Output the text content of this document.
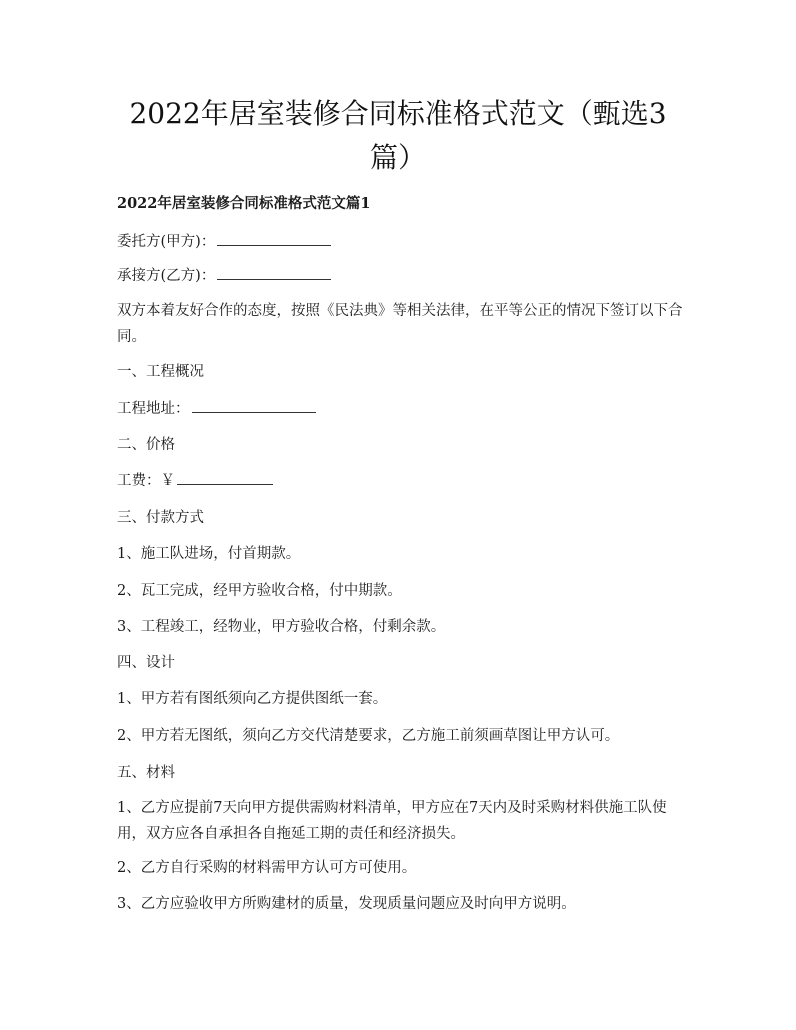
2022年居室装修合同标准格式范文（甄选3篇）

2022年居室装修合同标准格式范文篇1

委托方(甲方)：

承接方(乙方)：

双方本着友好合作的态度，按照《民法典》等相关法律，在平等公正的情况下签订以下合同。

一、工程概况

工程地址：

二、价格

工费：￥

三、付款方式

1、施工队进场，付首期款。

2、瓦工完成，经甲方验收合格，付中期款。

3、工程竣工，经物业，甲方验收合格，付剩余款。

四、设计

1、甲方若有图纸须向乙方提供图纸一套。

2、甲方若无图纸，须向乙方交代清楚要求，乙方施工前须画草图让甲方认可。

五、材料

1、乙方应提前7天向甲方提供需购材料清单，甲方应在7天内及时采购材料供施工队使用，双方应各自承担各自拖延工期的责任和经济损失。

2、乙方自行采购的材料需甲方认可方可使用。

3、乙方应验收甲方所购建材的质量，发现质量问题应及时向甲方说明。
